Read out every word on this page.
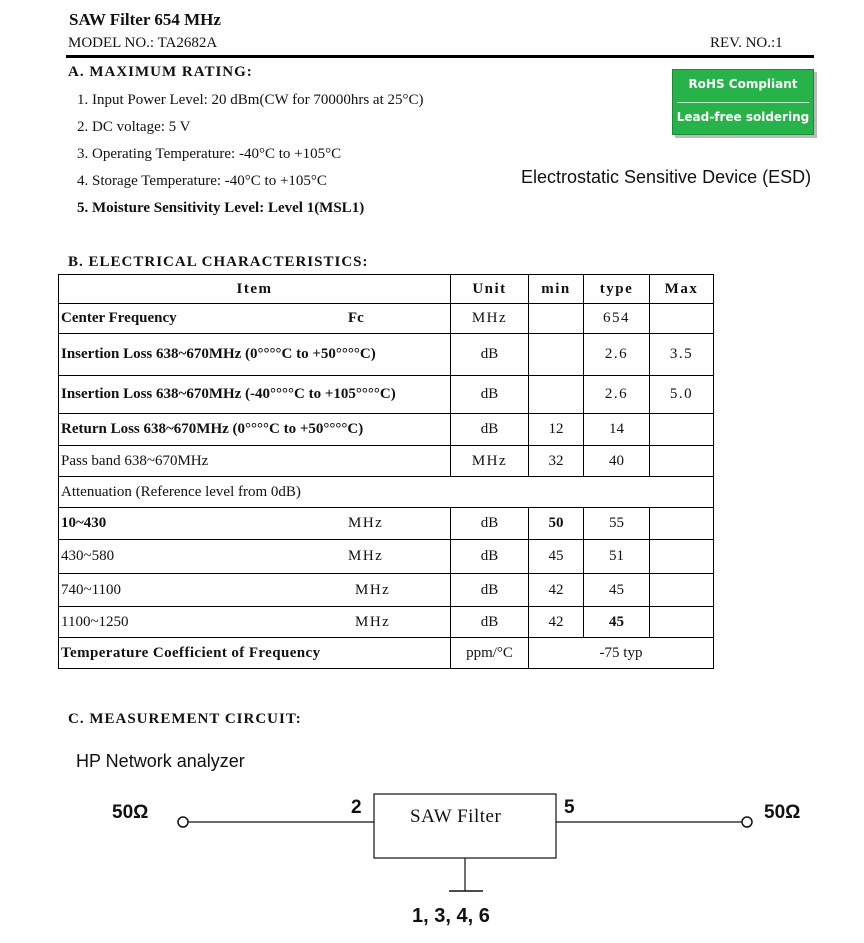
SAW Filter 654 MHz
MODEL NO.: TA2682A	REV. NO.:1
A. MAXIMUM RATING:
1. Input Power Level: 20 dBm(CW for 70000hrs at 25°C)
2. DC voltage: 5 V
3. Operating Temperature: -40°C to +105°C
4. Storage Temperature: -40°C to +105°C
5. Moisture Sensitivity Level: Level 1(MSL1)
RoHS Compliant
Lead-free soldering
Electrostatic Sensitive Device (ESD)
B. ELECTRICAL CHARACTERISTICS:
Item	Unit	min	type	Max
Center Frequency Fc	MHz		654	
Insertion Loss 638~670MHz (0°°°°C to +50°°°°C)	dB		2.6	3.5
Insertion Loss 638~670MHz (-40°°°°C to +105°°°°C)	dB		2.6	5.0
Return Loss 638~670MHz (0°°°°C to +50°°°°C)	dB	12	14	
Pass band 638~670MHz	MHz	32	40	
Attenuation (Reference level from 0dB)				
10~430 MHz	dB	50	55	
430~580 MHz	dB	45	51	
740~1100 MHz	dB	42	45	
1100~1250 MHz	dB	42	45	
Temperature Coefficient of Frequency	ppm/°C	-75 typ		
C. MEASUREMENT CIRCUIT:
HP Network analyzer
50Ω	50Ω
2	5
1, 3, 4, 6
SAW Filter
